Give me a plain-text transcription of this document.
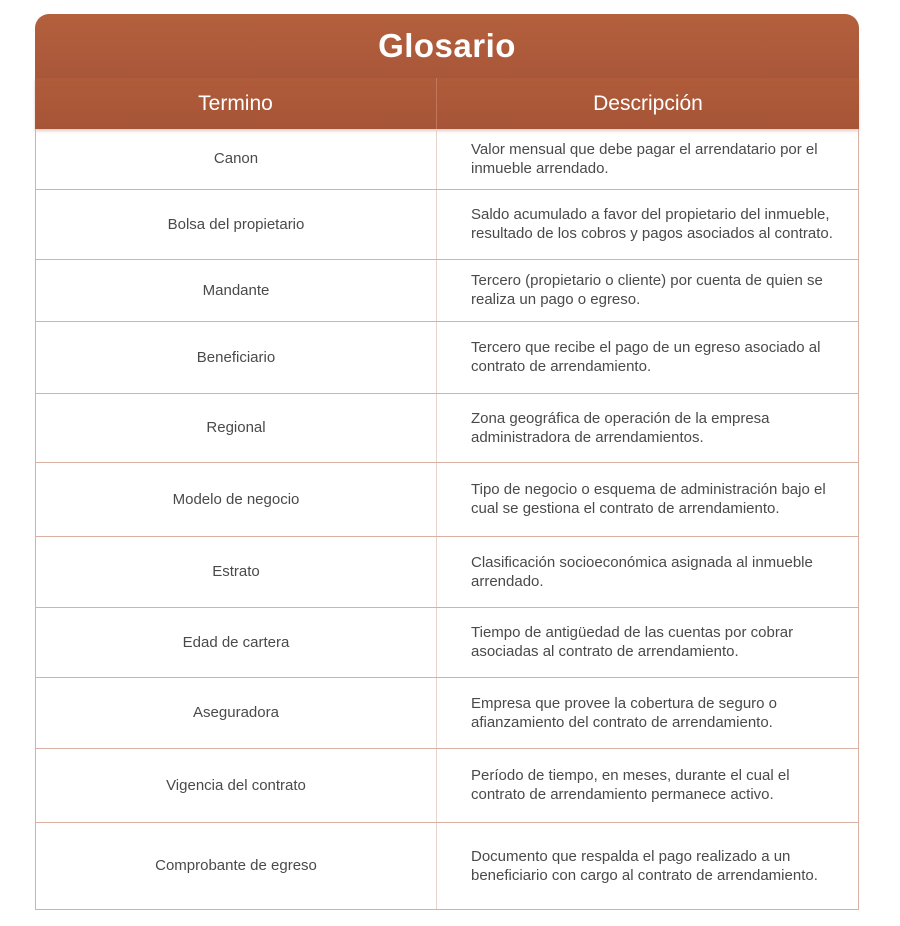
Glosario
Termino	Descripción
Canon	Valor mensual que debe pagar el arrendatario por el inmueble arrendado.
Bolsa del propietario	Saldo acumulado a favor del propietario del inmueble, resultado de los cobros y pagos asociados al contrato.
Mandante	Tercero (propietario o cliente) por cuenta de quien se realiza un pago o egreso.
Beneficiario	Tercero que recibe el pago de un egreso asociado al contrato de arrendamiento.
Regional	Zona geográfica de operación de la empresa administradora de arrendamientos.
Modelo de negocio	Tipo de negocio o esquema de administración bajo el cual se gestiona el contrato de arrendamiento.
Estrato	Clasificación socioeconómica asignada al inmueble arrendado.
Edad de cartera	Tiempo de antigüedad de las cuentas por cobrar asociadas al contrato de arrendamiento.
Aseguradora	Empresa que provee la cobertura de seguro o afianzamiento del contrato de arrendamiento.
Vigencia del contrato	Período de tiempo, en meses, durante el cual el contrato de arrendamiento permanece activo.
Comprobante de egreso	Documento que respalda el pago realizado a un beneficiario con cargo al contrato de arrendamiento.
